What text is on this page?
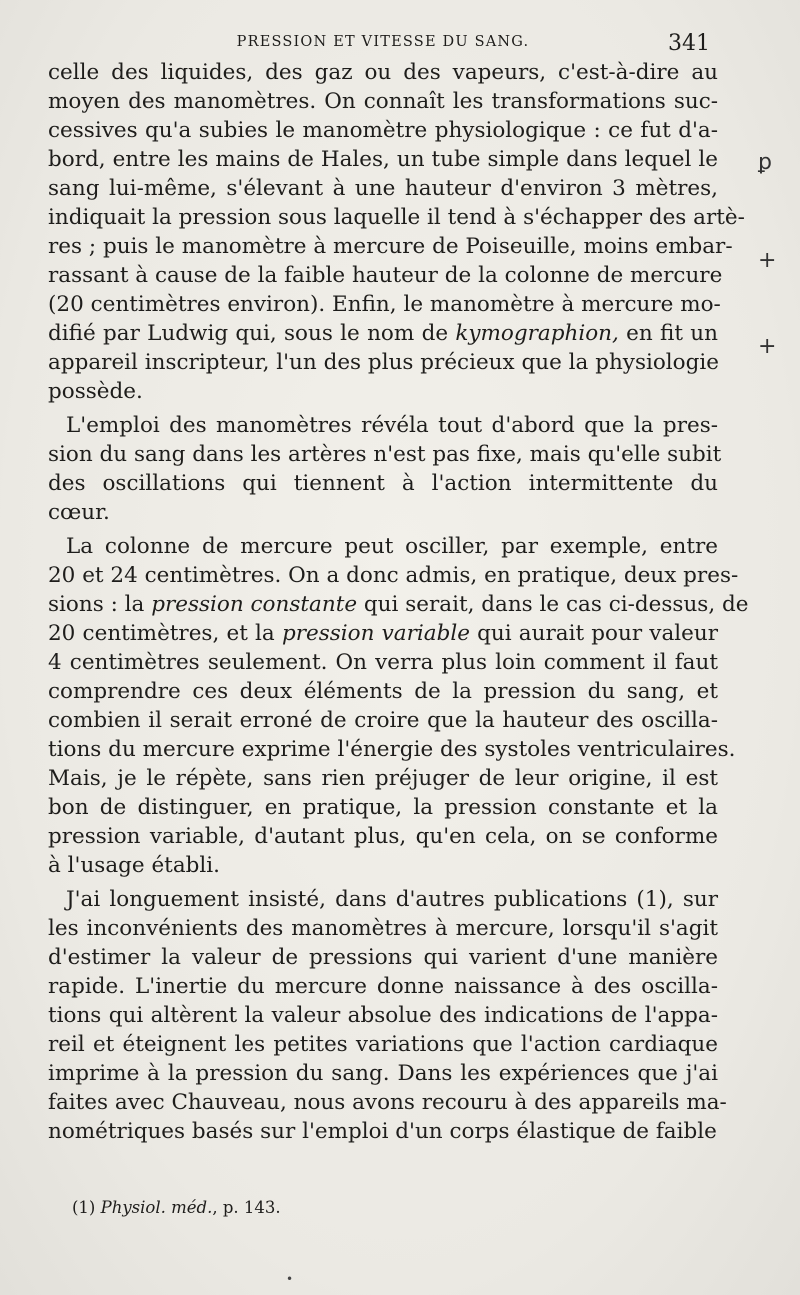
PRESSION ET VITESSE DU SANG.	341
celle des liquides, des gaz ou des vapeurs, c'est-à-dire au
moyen des manomètres. On connaît les transformations suc-
cessives qu'a subies le manomètre physiologique : ce fut d'a-
bord, entre les mains de Hales, un tube simple dans lequel le
sang lui-même, s'élevant à une hauteur d'environ 3 mètres,
indiquait la pression sous laquelle il tend à s'échapper des artè-
res ; puis le manomètre à mercure de Poiseuille, moins embar-
rassant à cause de la faible hauteur de la colonne de mercure
(20 centimètres environ). Enfin, le manomètre à mercure mo-
difié par Ludwig qui, sous le nom de kymographion, en fit un
appareil inscripteur, l'un des plus précieux que la physiologie
possède.
L'emploi des manomètres révéla tout d'abord que la pres-
sion du sang dans les artères n'est pas fixe, mais qu'elle subit
des oscillations qui tiennent à l'action intermittente du
cœur.
La colonne de mercure peut osciller, par exemple, entre
20 et 24 centimètres. On a donc admis, en pratique, deux pres-
sions : la pression constante qui serait, dans le cas ci-dessus, de
20 centimètres, et la pression variable qui aurait pour valeur
4 centimètres seulement. On verra plus loin comment il faut
comprendre ces deux éléments de la pression du sang, et
combien il serait erroné de croire que la hauteur des oscilla-
tions du mercure exprime l'énergie des systoles ventriculaires.
Mais, je le répète, sans rien préjuger de leur origine, il est
bon de distinguer, en pratique, la pression constante et la
pression variable, d'autant plus, qu'en cela, on se conforme
à l'usage établi.
J'ai longuement insisté, dans d'autres publications (1), sur
les inconvénients des manomètres à mercure, lorsqu'il s'agit
d'estimer la valeur de pressions qui varient d'une manière
rapide. L'inertie du mercure donne naissance à des oscilla-
tions qui altèrent la valeur absolue des indications de l'appa-
reil et éteignent les petites variations que l'action cardiaque
imprime à la pression du sang. Dans les expériences que j'ai
faites avec Chauveau, nous avons recouru à des appareils ma-
nométriques basés sur l'emploi d'un corps élastique de faible
(1) Physiol. méd., p. 143.
ꝑ
+
+
•
